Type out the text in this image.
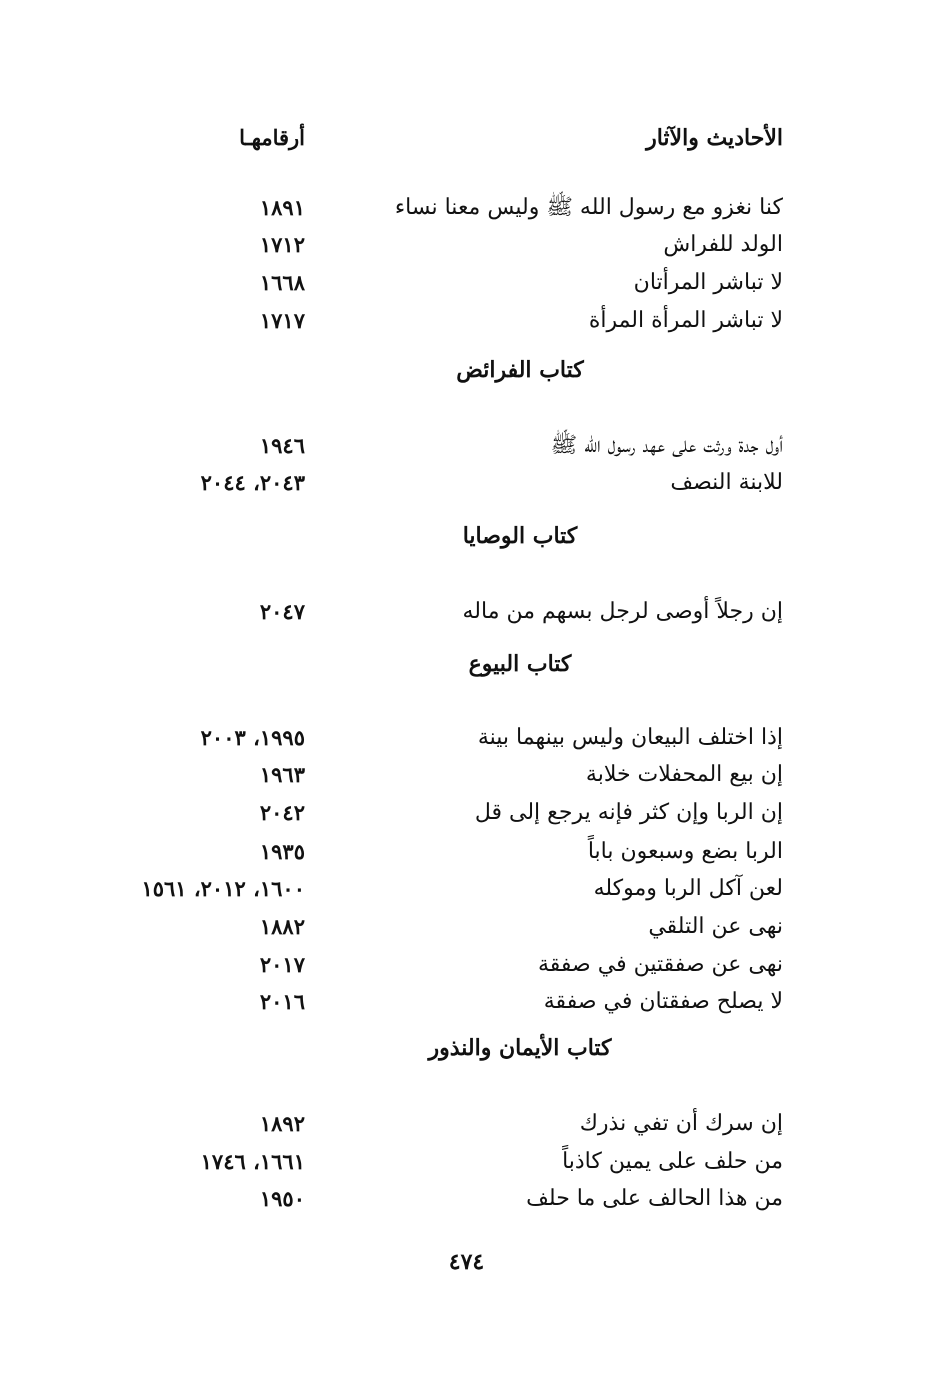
الأحاديث والآثار
أرقامهـا
كنا نغزو مع رسول الله ﷺ وليس معنا نساء
١٨٩١
الولد للفراش
١٧١٢
لا تباشر المرأتان
١٦٦٨
لا تباشر المرأة المرأة
١٧١٧
كتاب الفرائض
أول جدة ورثت على عهد رسول الله ﷺ
١٩٤٦
للابنة النصف
٢٠٤٣، ٢٠٤٤
كتاب الوصايا
إن رجلاً أوصى لرجل بسهم من ماله
٢٠٤٧
كتاب البيوع
إذا اختلف البيعان وليس بينهما بينة
١٩٩٥، ٢٠٠٣
إن بيع المحفلات خلابة
١٩٦٣
إن الربا وإن كثر فإنه يرجع إلى قل
٢٠٤٢
الربا بضع وسبعون باباً
١٩٣٥
لعن آكل الربا وموكله
١٦٠٠، ٢٠١٢، ١٥٦١
نهى عن التلقي
١٨٨٢
نهى عن صفقتين في صفقة
٢٠١٧
لا يصلح صفقتان في صفقة
٢٠١٦
كتاب الأيمان والنذور
إن سرك أن تفي نذرك
١٨٩٢
من حلف على يمين كاذباً
١٦٦١، ١٧٤٦
من هذا الحالف على ما حلف
١٩٥٠
٤٧٤
